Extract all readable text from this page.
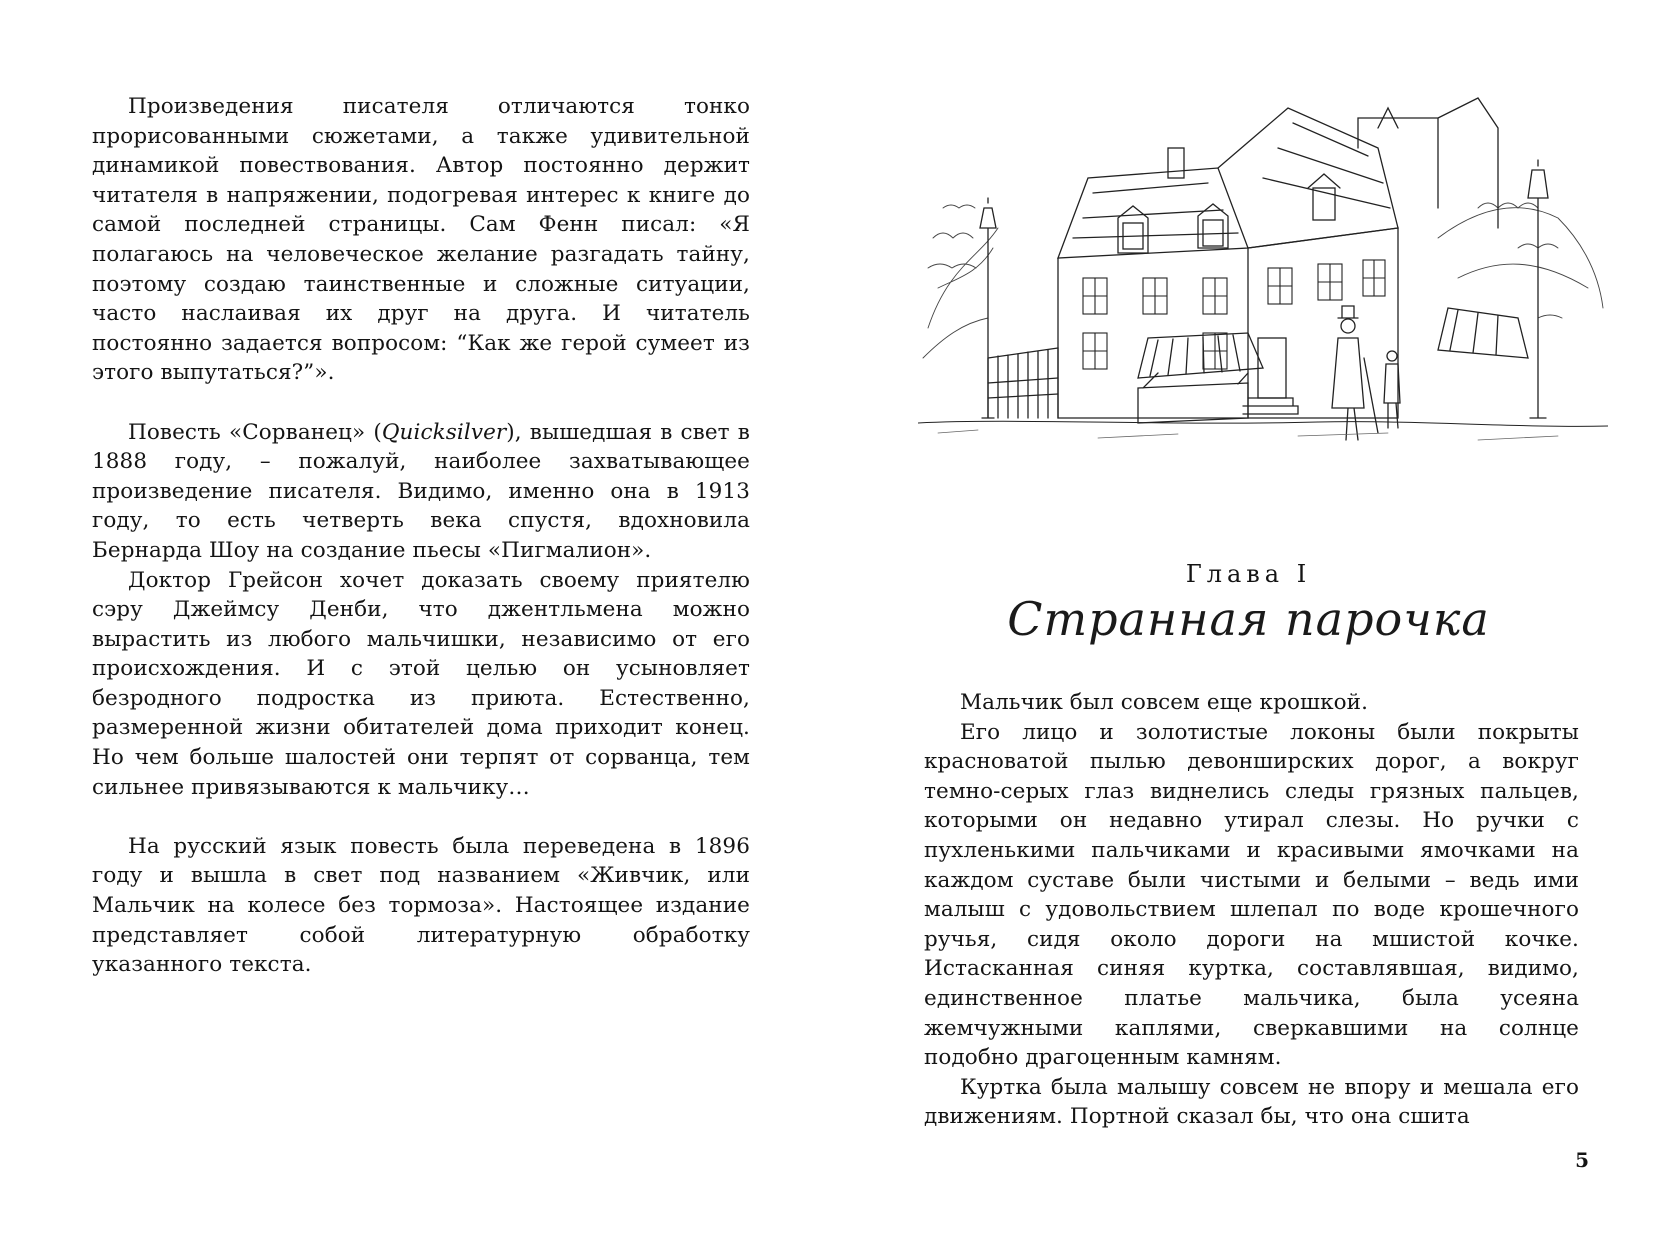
Произведения писателя отличаются тонко прорисованными сюжетами, а также удивительной динамикой повествования. Автор постоянно держит читателя в напряжении, подогревая интерес к книге до самой последней страницы. Сам Фенн писал: «Я полагаюсь на человеческое желание разгадать тайну, поэтому создаю таинственные и сложные ситуации, часто наслаивая их друг на друга. И читатель постоянно задается вопросом: “Как же герой сумеет из этого выпутаться?”».

Повесть «Сорванец» (Quicksilver), вышедшая в свет в 1888 году, – пожалуй, наиболее захватывающее произведение писателя. Видимо, именно она в 1913 году, то есть четверть века спустя, вдохновила Бернарда Шоу на создание пьесы «Пигмалион».

Доктор Грейсон хочет доказать своему приятелю сэру Джеймсу Денби, что джентльмена можно вырастить из любого мальчишки, независимо от его происхождения. И с этой целью он усыновляет безродного подростка из приюта. Естественно, размеренной жизни обитателей дома приходит конец. Но чем больше шалостей они терпят от сорванца, тем сильнее привязываются к мальчику…

На русский язык повесть была переведена в 1896 году и вышла в свет под названием «Живчик, или Мальчик на колесе без тормоза». Настоящее издание представляет собой литературную обработку указанного текста.

Глава I
Странная парочка

Мальчик был совсем еще крошкой.

Его лицо и золотистые локоны были покрыты красноватой пылью девонширских дорог, а вокруг темно-серых глаз виднелись следы грязных пальцев, которыми он недавно утирал слезы. Но ручки с пухленькими пальчиками и красивыми ямочками на каждом суставе были чистыми и белыми – ведь ими малыш с удовольствием шлепал по воде крошечного ручья, сидя около дороги на мшистой кочке. Истасканная синяя куртка, составлявшая, видимо, единственное платье мальчика, была усеяна жемчужными каплями, сверкавшими на солнце подобно драгоценным камням.

Куртка была малышу совсем не впору и мешала его движениям. Портной сказал бы, что она сшита

5
